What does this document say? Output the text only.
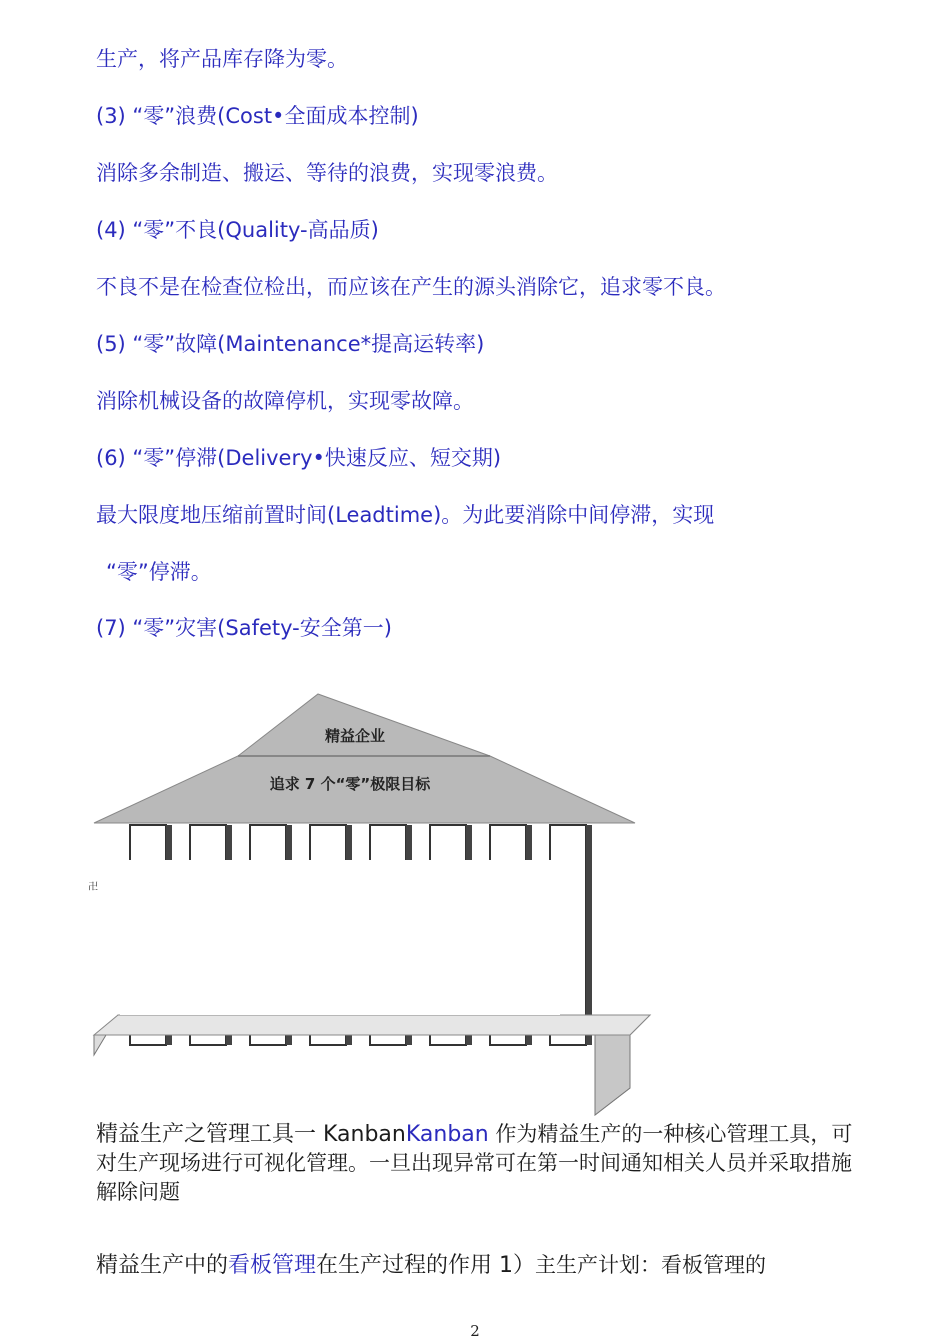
生产，将产品库存降为零。
(3) “零”浪费(Cost•全面成本控制)
消除多余制造、搬运、等待的浪费，实现零浪费。
(4) “零”不良(Quality-高品质)
不良不是在检查位检出，而应该在产生的源头消除它，追求零不良。
(5) “零”故障(Maintenance*提高运转率)
消除机械设备的故障停机，实现零故障。
(6) “零”停滞(Delivery•快速反应、短交期)
最大限度地压缩前置时间(Leadtime)。为此要消除中间停滞，实现
“零”停滞。
(7) “零”灾害(Safety-安全第一)
精益企业
追求 7 个“零”极限目标
卍
精益生产之管理工具一 KanbanKanban 作为精益生产的一种核心管理工具，可对生产现场进行可视化管理。一旦出现异常可在第一时间通知相关人员并采取措施解除问题
精益生产中的看板管理在生产过程的作用 1）主生产计划：看板管理的
2
